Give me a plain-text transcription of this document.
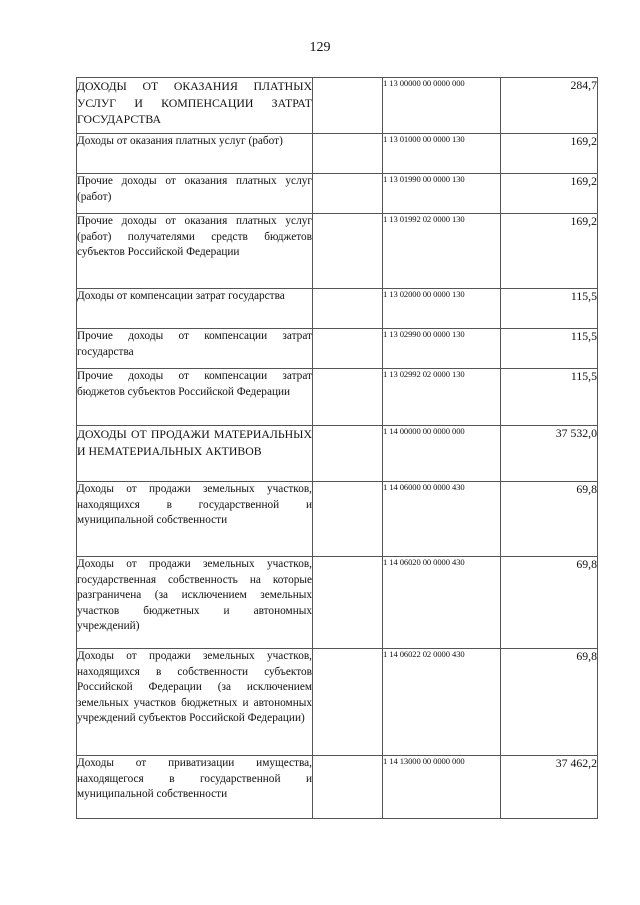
129
ДОХОДЫ ОТ ОКАЗАНИЯ ПЛАТНЫХ УСЛУГ И КОМПЕНСАЦИИ ЗАТРАТ ГОСУДАРСТВА		1 13 00000 00 0000 000	284,7
Доходы от оказания платных услуг (работ)		1 13 01000 00 0000 130	169,2
Прочие доходы от оказания платных услуг (работ)		1 13 01990 00 0000 130	169,2
Прочие доходы от оказания платных услуг (работ) получателями средств бюджетов субъектов Российской Федерации		1 13 01992 02 0000 130	169,2
Доходы от компенсации затрат государства		1 13 02000 00 0000 130	115,5
Прочие доходы от компенсации затрат государства		1 13 02990 00 0000 130	115,5
Прочие доходы от компенсации затрат бюджетов субъектов Российской Федерации		1 13 02992 02 0000 130	115,5
ДОХОДЫ ОТ ПРОДАЖИ МАТЕРИАЛЬНЫХ И НЕМАТЕРИАЛЬНЫХ АКТИВОВ		1 14 00000 00 0000 000	37 532,0
Доходы от продажи земельных участков, находящихся в государственной и муниципальной собственности		1 14 06000 00 0000 430	69,8
Доходы от продажи земельных участков, государственная собственность на которые разграничена (за исключением земельных участков бюджетных и автономных учреждений)		1 14 06020 00 0000 430	69,8
Доходы от продажи земельных участков, находящихся в собственности субъектов Российской Федерации (за исключением земельных участков бюджетных и автономных учреждений субъектов Российской Федерации)		1 14 06022 02 0000 430	69,8
Доходы от приватизации имущества, находящегося в государственной и муниципальной собственности		1 14 13000 00 0000 000	37 462,2
